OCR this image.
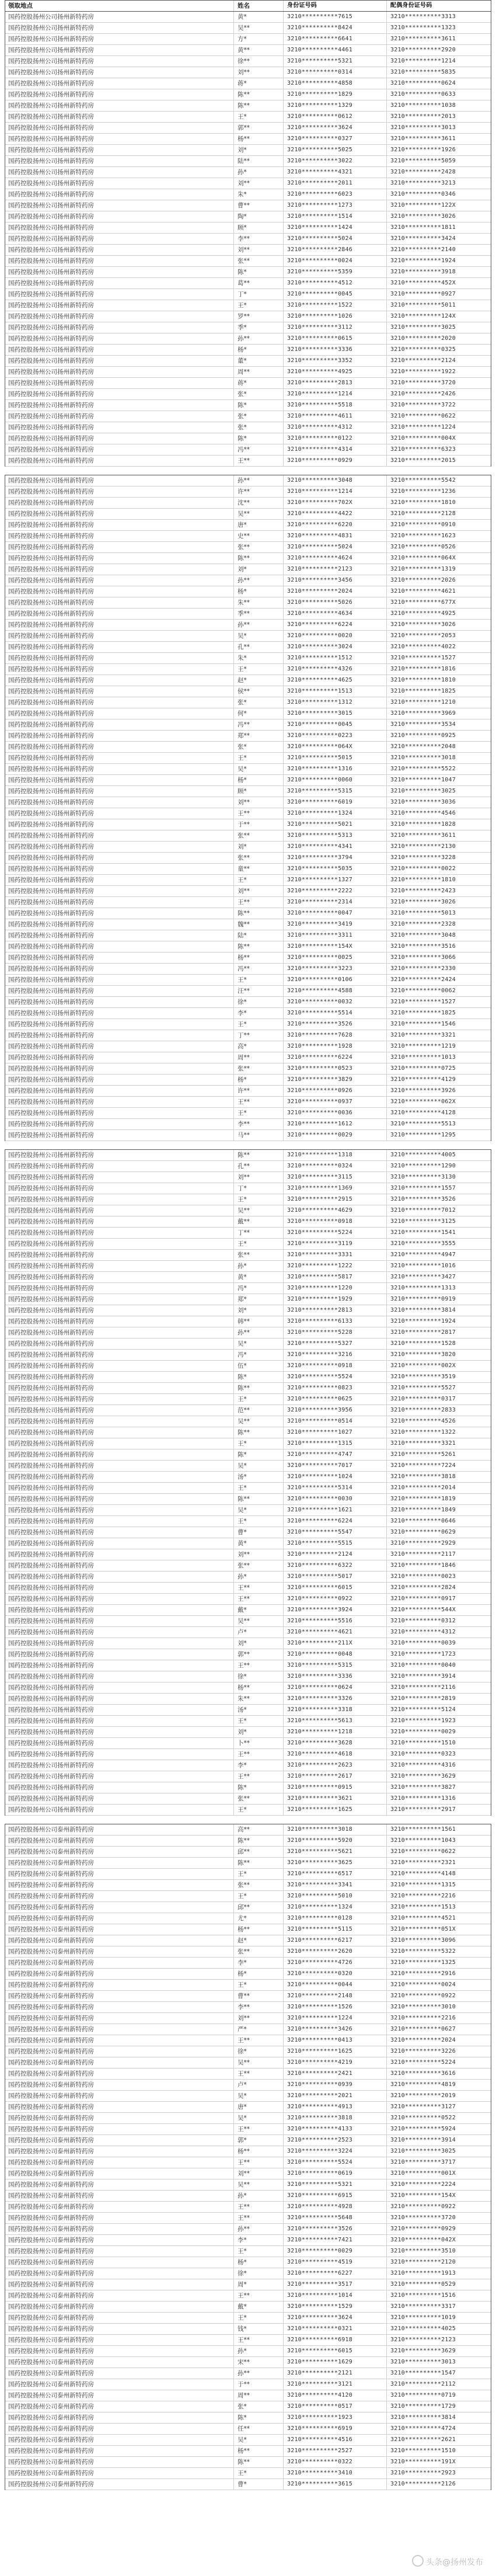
领取地点	姓名	身份证号码	配偶身份证号码
国药控股扬州公司扬州新特药房	黄*	3210**********7615	3210**********3313
国药控股扬州公司扬州新特药房	吴**	3210**********8424	3210**********1323
国药控股扬州公司扬州新特药房	方*	3210**********6641	3210**********3611
国药控股扬州公司扬州新特药房	黄**	3210**********4461	3210**********2920
国药控股扬州公司扬州新特药房	徐**	3210**********5321	3210**********1214
国药控股扬州公司扬州新特药房	刘**	3210**********0314	3210**********5835
国药控股扬州公司扬州新特药房	蒋*	3210**********4858	3210**********0624
国药控股扬州公司扬州新特药房	陈**	3210**********1829	3210**********0633
国药控股扬州公司扬州新特药房	陈**	3210**********1329	3210**********1038
国药控股扬州公司扬州新特药房	王*	3210**********0612	3210**********2013
国药控股扬州公司扬州新特药房	郭**	3210**********3624	3210**********3013
国药控股扬州公司扬州新特药房	杨**	3210**********0327	3210**********3611
国药控股扬州公司扬州新特药房	刘*	3210**********5025	3210**********1926
国药控股扬州公司扬州新特药房	陆**	3210**********3022	3210**********5059
国药控股扬州公司扬州新特药房	孙*	3210**********4321	3210**********2428
国药控股扬州公司扬州新特药房	刘**	3210**********2011	3210**********3213
国药控股扬州公司扬州新特药房	朱*	3210**********6023	3210**********0346
国药控股扬州公司扬州新特药房	曹**	3210**********1273	3210**********122X
国药控股扬州公司扬州新特药房	陶*	3210**********1514	3210**********3026
国药控股扬州公司扬州新特药房	顾*	3210**********1424	3210**********1811
国药控股扬州公司扬州新特药房	李**	3210**********5024	3210**********3424
国药控股扬州公司扬州新特药房	刘**	3210**********2846	3210**********2140
国药控股扬州公司扬州新特药房	张**	3210**********0024	3210**********1924
国药控股扬州公司扬州新特药房	陈*	3210**********5359	3210**********3918
国药控股扬州公司扬州新特药房	葛**	3210**********4512	3210**********452X
国药控股扬州公司扬州新特药房	丁*	3210**********0045	3210**********0927
国药控股扬州公司扬州新特药房	王*	3210**********1522	3210**********5011
国药控股扬州公司扬州新特药房	罗**	3210**********1026	3210**********124X
国药控股扬州公司扬州新特药房	季*	3210**********3112	3210**********3025
国药控股扬州公司扬州新特药房	孙**	3210**********0615	3210**********2020
国药控股扬州公司扬州新特药房	杨*	3210**********3336	3210**********0325
国药控股扬州公司扬州新特药房	董*	3210**********3352	3210**********2124
国药控股扬州公司扬州新特药房	周**	3210**********4925	3210**********1922
国药控股扬州公司扬州新特药房	蒋*	3210**********2813	3210**********3720
国药控股扬州公司扬州新特药房	张*	3210**********1214	3210**********2426
国药控股扬州公司扬州新特药房	陈*	3210**********5518	3210**********3722
国药控股扬州公司扬州新特药房	张*	3210**********4611	3210**********0622
国药控股扬州公司扬州新特药房	张*	3210**********4312	3210**********1224
国药控股扬州公司扬州新特药房	陈*	3210**********0122	3210**********004X
国药控股扬州公司扬州新特药房	冯**	3210**********4314	3210**********6323
国药控股扬州公司扬州新特药房	王**	3210**********0929	3210**********2015
国药控股扬州公司扬州新特药房	孙**	3210**********3048	3210**********5542
国药控股扬州公司扬州新特药房	许**	3210**********1214	3210**********1236
国药控股扬州公司扬州新特药房	沈**	3210**********702X	3210**********1810
国药控股扬州公司扬州新特药房	吴**	3210**********4422	3210**********2128
国药控股扬州公司扬州新特药房	唐*	3210**********6220	3210**********0910
国药控股扬州公司扬州新特药房	史**	3210**********4831	3210**********1623
国药控股扬州公司扬州新特药房	张**	3210**********5024	3210**********0526
国药控股扬州公司扬州新特药房	陈**	3210**********4624	3210**********064X
国药控股扬州公司扬州新特药房	刘*	3210**********2123	3210**********1319
国药控股扬州公司扬州新特药房	孙**	3210**********3456	3210**********2026
国药控股扬州公司扬州新特药房	杨*	3210**********2024	3210**********4621
国药控股扬州公司扬州新特药房	朱**	3210**********5026	3210**********677X
国药控股扬州公司扬州新特药房	季**	3210**********4634	3210**********4925
国药控股扬州公司扬州新特药房	孙**	3210**********6224	3210**********3026
国药控股扬州公司扬州新特药房	吴*	3210**********0020	3210**********2053
国药控股扬州公司扬州新特药房	孔**	3210**********3024	3210**********4022
国药控股扬州公司扬州新特药房	朱*	3210**********1512	3210**********1527
国药控股扬州公司扬州新特药房	王*	3210**********4326	3210**********1816
国药控股扬州公司扬州新特药房	赵*	3210**********4625	3210**********1810
国药控股扬州公司扬州新特药房	侯**	3210**********1513	3210**********1825
国药控股扬州公司扬州新特药房	张*	3210**********1312	3210**********1210
国药控股扬州公司扬州新特药房	何*	3210**********3015	3210**********3969
国药控股扬州公司扬州新特药房	冯**	3210**********0045	3210**********3534
国药控股扬州公司扬州新特药房	郑**	3210**********0223	3210**********0925
国药控股扬州公司扬州新特药房	张*	3210**********064X	3210**********2048
国药控股扬州公司扬州新特药房	王*	3210**********5015	3210**********3018
国药控股扬州公司扬州新特药房	吴*	3210**********1316	3210**********5522
国药控股扬州公司扬州新特药房	杨*	3210**********0060	3210**********1047
国药控股扬州公司扬州新特药房	顾*	3210**********5315	3210**********3025
国药控股扬州公司扬州新特药房	刘**	3210**********6019	3210**********3036
国药控股扬州公司扬州新特药房	王**	3210**********1324	3210**********4546
国药控股扬州公司扬州新特药房	于**	3210**********5021	3210**********1828
国药控股扬州公司扬州新特药房	张**	3210**********5313	3210**********3611
国药控股扬州公司扬州新特药房	刘*	3210**********4341	3210**********2130
国药控股扬州公司扬州新特药房	张**	3210**********3794	3210**********3228
国药控股扬州公司扬州新特药房	童**	3210**********5035	3210**********0022
国药控股扬州公司扬州新特药房	王*	3210**********1327	3210**********1810
国药控股扬州公司扬州新特药房	刘**	3210**********2222	3210**********2423
国药控股扬州公司扬州新特药房	王**	3210**********2314	3210**********3026
国药控股扬州公司扬州新特药房	陈**	3210**********0047	3210**********5013
国药控股扬州公司扬州新特药房	魏**	3210**********3419	3210**********2328
国药控股扬州公司扬州新特药房	陆*	3210**********3311	3210**********3048
国药控股扬州公司扬州新特药房	陈**	3210**********154X	3210**********3516
国药控股扬州公司扬州新特药房	杨**	3210**********0025	3210**********3066
国药控股扬州公司扬州新特药房	冯**	3210**********3223	3210**********2330
国药控股扬州公司扬州新特药房	王*	3210**********0106	3210**********2424
国药控股扬州公司扬州新特药房	汪**	3210**********4588	3210**********0062
国药控股扬州公司扬州新特药房	徐*	3210**********0032	3210**********1527
国药控股扬州公司扬州新特药房	李*	3210**********5514	3210**********1825
国药控股扬州公司扬州新特药房	王*	3210**********3526	3210**********1546
国药控股扬州公司扬州新特药房	丁**	3210**********7628	3210**********3321
国药控股扬州公司扬州新特药房	高*	3210**********1928	3210**********1219
国药控股扬州公司扬州新特药房	周**	3210**********6224	3210**********1013
国药控股扬州公司扬州新特药房	张**	3210**********0523	3210**********0725
国药控股扬州公司扬州新特药房	杨*	3210**********3829	3210**********4129
国药控股扬州公司扬州新特药房	许**	3210**********0926	3210**********3926
国药控股扬州公司扬州新特药房	王**	3210**********0937	3210**********062X
国药控股扬州公司扬州新特药房	王*	3210**********0036	3210**********4128
国药控股扬州公司扬州新特药房	李**	3210**********1612	3210**********5513
国药控股扬州公司扬州新特药房	马**	3210**********0029	3210**********1295
国药控股扬州公司扬州新特药房	陈**	3210**********1318	3210**********4005
国药控股扬州公司扬州新特药房	孔**	3210**********0324	3210**********1290
国药控股扬州公司扬州新特药房	刘**	3210**********3115	3210**********3130
国药控股扬州公司扬州新特药房	丁*	3210**********1369	3210**********1557
国药控股扬州公司扬州新特药房	王*	3210**********2915	3210**********3526
国药控股扬州公司扬州新特药房	吴**	3210**********4629	3210**********7012
国药控股扬州公司扬州新特药房	戴**	3210**********0918	3210**********3125
国药控股扬州公司扬州新特药房	丁**	3210**********5224	3210**********1541
国药控股扬州公司扬州新特药房	王*	3210**********3119	3210**********3555
国药控股扬州公司扬州新特药房	张**	3210**********3331	3210**********4947
国药控股扬州公司扬州新特药房	孙*	3210**********1222	3210**********1016
国药控股扬州公司扬州新特药房	黄*	3210**********5817	3210**********3427
国药控股扬州公司扬州新特药房	冯*	3210**********1220	3210**********1313
国药控股扬州公司扬州新特药房	郑*	3210**********1929	3210**********0919
国药控股扬州公司扬州新特药房	刘*	3210**********2813	3210**********3814
国药控股扬州公司扬州新特药房	韩**	3210**********6133	3210**********1924
国药控股扬州公司扬州新特药房	孙**	3210**********5228	3210**********2817
国药控股扬州公司扬州新特药房	吴*	3210**********5327	3210**********1528
国药控股扬州公司扬州新特药房	冯*	3210**********3216	3210**********3820
国药控股扬州公司扬州新特药房	伍*	3210**********0918	3210**********002X
国药控股扬州公司扬州新特药房	陈*	3210**********5524	3210**********3519
国药控股扬州公司扬州新特药房	陈**	3210**********0823	3210**********5527
国药控股扬州公司扬州新特药房	王*	3210**********0625	3210**********0317
国药控股扬州公司扬州新特药房	范**	3210**********3956	3210**********2833
国药控股扬州公司扬州新特药房	吴**	3210**********0514	3210**********4526
国药控股扬州公司扬州新特药房	陈**	3210**********1027	3210**********1322
国药控股扬州公司扬州新特药房	王*	3210**********1315	3210**********3321
国药控股扬州公司扬州新特药房	陈*	3210**********4747	3210**********5261
国药控股扬州公司扬州新特药房	吴*	3210**********7017	3210**********7224
国药控股扬州公司扬州新特药房	汤*	3210**********1024	3210**********3818
国药控股扬州公司扬州新特药房	王*	3210**********5314	3210**********2014
国药控股扬州公司扬州新特药房	陈**	3210**********0030	3210**********1819
国药控股扬州公司扬州新特药房	吴*	3210**********1621	3210**********1849
国药控股扬州公司扬州新特药房	王*	3210**********6224	3210**********0646
国药控股扬州公司扬州新特药房	曹*	3210**********5547	3210**********0629
国药控股扬州公司扬州新特药房	黄*	3210**********5515	3210**********2929
国药控股扬州公司扬州新特药房	刘**	3210**********2124	3210**********2117
国药控股扬州公司扬州新特药房	张**	3210**********6322	3210**********1846
国药控股扬州公司扬州新特药房	孙*	3210**********5017	3210**********0023
国药控股扬州公司扬州新特药房	王**	3210**********6015	3210**********2824
国药控股扬州公司扬州新特药房	王**	3210**********0922	3210**********0917
国药控股扬州公司扬州新特药房	戴*	3210**********3924	3210**********544X
国药控股扬州公司扬州新特药房	吴**	3210**********5516	3210**********0312
国药控股扬州公司扬州新特药房	卢*	3210**********4621	3210**********4312
国药控股扬州公司扬州新特药房	刘*	3210**********211X	3210**********0039
国药控股扬州公司扬州新特药房	郭**	3210**********0048	3210**********1723
国药控股扬州公司扬州新特药房	王**	3210**********5315	3210**********0040
国药控股扬州公司扬州新特药房	徐*	3210**********3336	3210**********3914
国药控股扬州公司扬州新特药房	杨**	3210**********0624	3210**********2116
国药控股扬州公司扬州新特药房	朱**	3210**********3326	3210**********2819
国药控股扬州公司扬州新特药房	汤*	3210**********3318	3210**********5124
国药控股扬州公司扬州新特药房	王*	3210**********5613	3210**********1923
国药控股扬州公司扬州新特药房	刘*	3210**********1218	3210**********0029
国药控股扬州公司扬州新特药房	卜**	3210**********3628	3210**********1510
国药控股扬州公司扬州新特药房	王**	3210**********4618	3210**********0323
国药控股扬州公司扬州新特药房	李*	3210**********2623	3210**********4316
国药控股扬州公司扬州新特药房	王**	3210**********2617	3210**********3629
国药控股扬州公司扬州新特药房	陈*	3210**********0915	3210**********3827
国药控股扬州公司扬州新特药房	张**	3210**********3621	3210**********1316
国药控股扬州公司扬州新特药房	王*	3210**********1625	3210**********2917
国药控股扬州公司泰州新特药房	高**	3210**********3018	3210**********1561
国药控股扬州公司泰州新特药房	陈**	3210**********5920	3210**********1043
国药控股扬州公司泰州新特药房	邱**	3210**********5621	3210**********0622
国药控股扬州公司泰州新特药房	陈**	3210**********3625	3210**********2321
国药控股扬州公司泰州新特药房	王*	3210**********6517	3210**********4148
国药控股扬州公司泰州新特药房	张**	3210**********3341	3210**********1315
国药控股扬州公司泰州新特药房	王*	3210**********5010	3210**********2216
国药控股扬州公司泰州新特药房	邱**	3210**********1324	3210**********1513
国药控股扬州公司泰州新特药房	尤*	3210**********0128	3210**********4521
国药控股扬州公司泰州新特药房	杨**	3210**********5115	3210**********051X
国药控股扬州公司泰州新特药房	赵*	3210**********6217	3210**********3096
国药控股扬州公司泰州新特药房	张**	3210**********2620	3210**********5322
国药控股扬州公司泰州新特药房	李*	3210**********4726	3210**********1325
国药控股扬州公司泰州新特药房	杨*	3210**********0320	3210**********2916
国药控股扬州公司泰州新特药房	王*	3210**********0044	3210**********0024
国药控股扬州公司泰州新特药房	曹**	3210**********2148	3210**********0922
国药控股扬州公司泰州新特药房	李**	3210**********1526	3210**********3010
国药控股扬州公司泰州新特药房	刘**	3210**********1224	3210**********2216
国药控股扬州公司泰州新特药房	严*	3210**********3426	3210**********0627
国药控股扬州公司泰州新特药房	王**	3210**********0413	3210**********2024
国药控股扬州公司泰州新特药房	徐*	3210**********1625	3210**********3226
国药控股扬州公司泰州新特药房	吴**	3210**********4219	3210**********5224
国药控股扬州公司泰州新特药房	王**	3210**********2421	3210**********3616
国药控股扬州公司泰州新特药房	卢*	3210**********0939	3210**********4819
国药控股扬州公司泰州新特药房	吴*	3210**********2021	3210**********2019
国药控股扬州公司泰州新特药房	唐*	3210**********4913	3210**********3127
国药控股扬州公司泰州新特药房	吴*	3210**********3818	3210**********0522
国药控股扬州公司泰州新特药房	王**	3210**********4133	3210**********5924
国药控股扬州公司泰州新特药房	郭*	3210**********2523	3210**********3914
国药控股扬州公司泰州新特药房	杨**	3210**********3224	3210**********3025
国药控股扬州公司泰州新特药房	王**	3210**********5524	3210**********3717
国药控股扬州公司泰州新特药房	刘**	3210**********0619	3210**********001X
国药控股扬州公司泰州新特药房	吴**	3210**********5321	3210**********2224
国药控股扬州公司泰州新特药房	孙*	3210**********6915	3210**********154X
国药控股扬州公司泰州新特药房	王**	3210**********4928	3210**********0922
国药控股扬州公司泰州新特药房	王**	3210**********5648	3210**********3720
国药控股扬州公司泰州新特药房	孙**	3210**********3526	3210**********0929
国药控股扬州公司泰州新特药房	李*	3210**********7421	3210**********042X
国药控股扬州公司泰州新特药房	王*	3210**********0029	3210**********3510
国药控股扬州公司泰州新特药房	杨*	3210**********4519	3210**********2120
国药控股扬州公司泰州新特药房	徐*	3210**********6227	3210**********1913
国药控股扬州公司泰州新特药房	周*	3210**********3517	3210**********0529
国药控股扬州公司泰州新特药房	王**	3210**********1014	3210**********1516
国药控股扬州公司泰州新特药房	戴*	3210**********1529	3210**********3317
国药控股扬州公司泰州新特药房	王*	3210**********3624	3210**********1019
国药控股扬州公司泰州新特药房	钱*	3210**********0321	3210**********4025
国药控股扬州公司泰州新特药房	王**	3210**********6918	3210**********2123
国药控股扬州公司泰州新特药房	孙*	3210**********6015	3210**********3629
国药控股扬州公司泰州新特药房	宋**	3210**********1629	3210**********3013
国药控股扬州公司泰州新特药房	孙**	3210**********2121	3210**********1547
国药控股扬州公司泰州新特药房	于**	3210**********3121	3210**********2112
国药控股扬州公司泰州新特药房	周**	3210**********4120	3210**********0719
国药控股扬州公司泰州新特药房	张*	3210**********0517	3210**********1729
国药控股扬州公司泰州新特药房	陈*	3210**********1923	3210**********3814
国药控股扬州公司泰州新特药房	任**	3210**********6919	3210**********4724
国药控股扬州公司泰州新特药房	吴*	3210**********4516	3210**********2621
国药控股扬州公司泰州新特药房	杨**	3210**********2527	3210**********1510
国药控股扬州公司泰州新特药房	陈**	3210**********0322	3210**********191X
国药控股扬州公司泰州新特药房	王*	3210**********3410	3210**********2923
国药控股扬州公司泰州新特药房	曹*	3210**********3615	3210**********2126
头条@扬州发布
